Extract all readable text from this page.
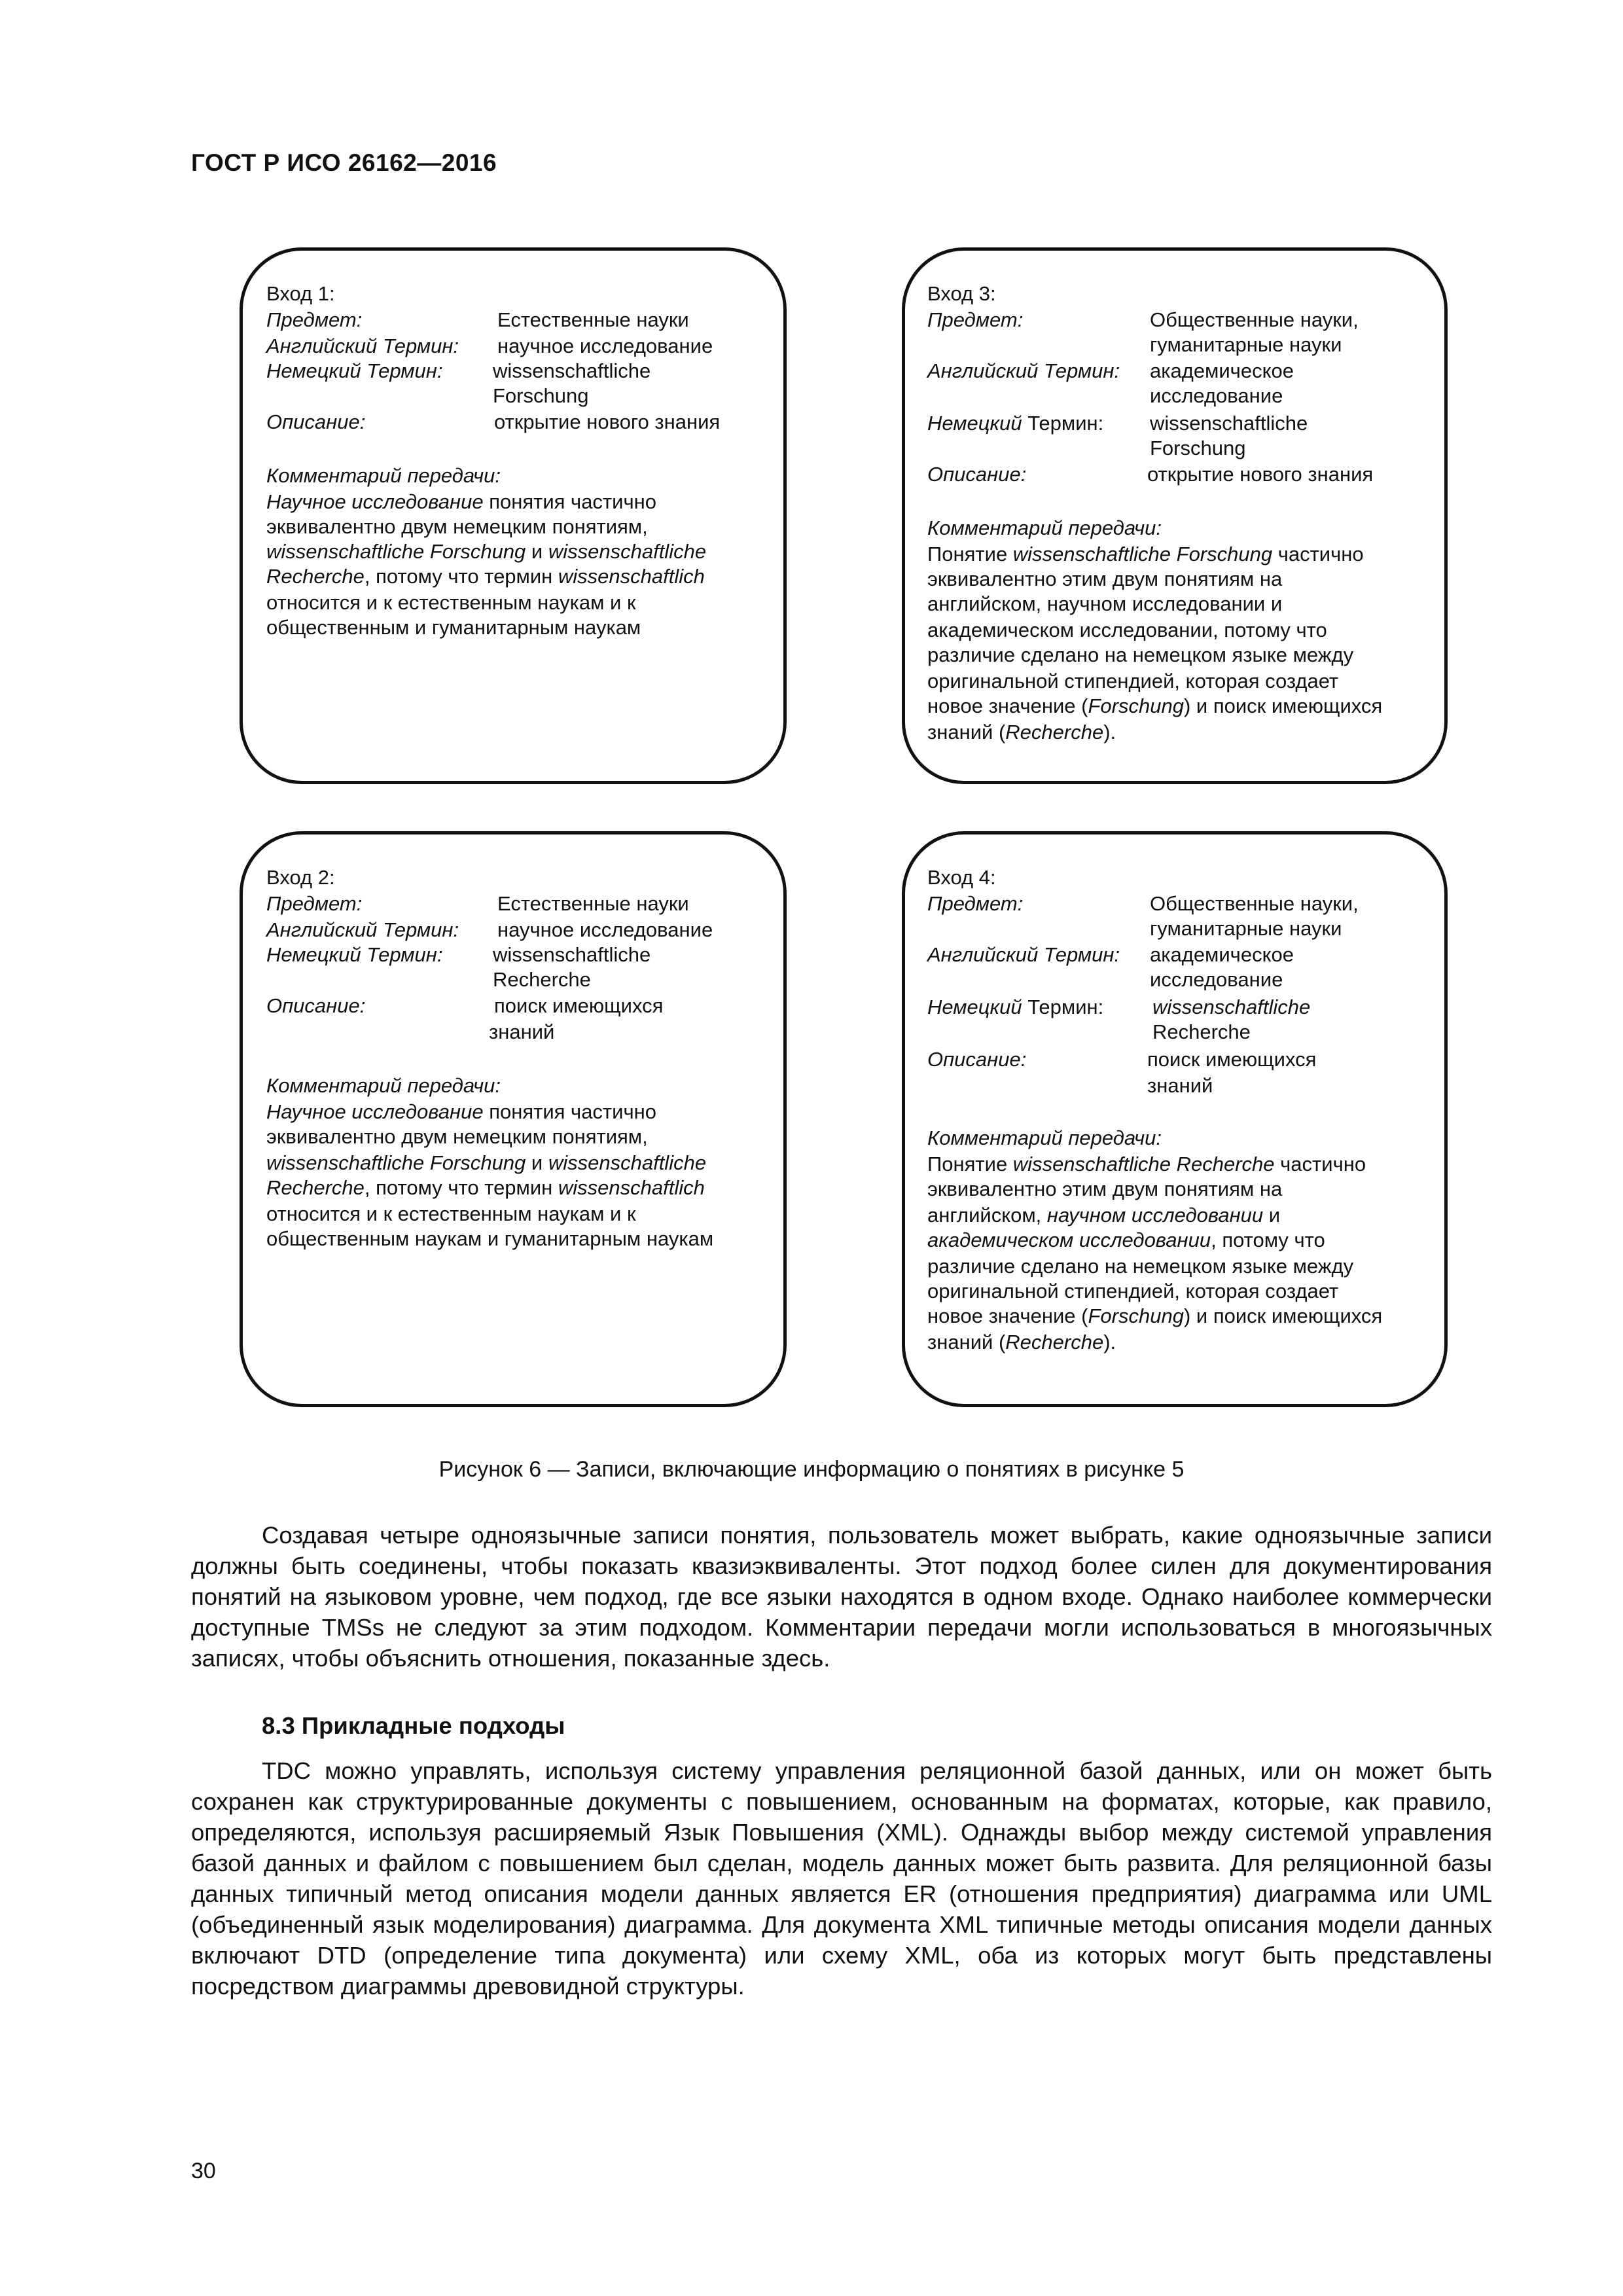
ГОСТ Р ИСО 26162—2016
Вход 1:
Предмет:	Естественные науки
Английский Термин: научное исследование
Немецкий Термин: wissenschaftliche
Forschung
Описание:	открытие нового знания
Комментарий передачи:
Научное исследование понятия частично
эквивалентно двум немецким понятиям,
wissenschaftliche Forschung и wissenschaftliche
Recherche, потому что термин wissenschaftlich
относится и к естественным наукам и к
общественным и гуманитарным наукам
Вход 3:
Предмет:	Общественные науки,
гуманитарные науки
Английский Термин: академическое
исследование
Немецкий Термин: wissenschaftliche
Forschung
Описание:	открытие нового знания
Комментарий передачи:
Понятие wissenschaftliche Forschung частично
эквивалентно этим двум понятиям на
английском, научном исследовании и
академическом исследовании, потому что
различие сделано на немецком языке между
оригинальной стипендией, которая создает
новое значение (Forschung) и поиск имеющихся
знаний (Recherche).
Вход 2:
Предмет:	Естественные науки
Английский Термин: научное исследование
Немецкий Термин: wissenschaftliche
Recherche
Описание:	поиск имеющихся
знаний
Комментарий передачи:
Научное исследование понятия частично
эквивалентно двум немецким понятиям,
wissenschaftliche Forschung и wissenschaftliche
Recherche, потому что термин wissenschaftlich
относится и к естественным наукам и к
общественным наукам и гуманитарным наукам
Вход 4:
Предмет:	Общественные науки,
гуманитарные науки
Английский Термин: академическое
исследование
Немецкий Термин: wissenschaftliche
Recherche
Описание:	поиск имеющихся
знаний
Комментарий передачи:
Понятие wissenschaftliche Recherche частично
эквивалентно этим двум понятиям на
английском, научном исследовании и
академическом исследовании, потому что
различие сделано на немецком языке между
оригинальной стипендией, которая создает
новое значение (Forschung) и поиск имеющихся
знаний (Recherche).
Рисунок 6 — Записи, включающие информацию о понятиях в рисунке 5

Создавая четыре одноязычные записи понятия, пользователь может выбрать, какие одноязычные записи должны быть соединены, чтобы показать квазиэквиваленты. Этот подход более силен для документирования понятий на языковом уровне, чем подход, где все языки находятся в одном входе. Однако наиболее коммерчески доступные TMSs не следуют за этим подходом. Комментарии передачи могли использоваться в многоязычных записях, чтобы объяснить отношения, показанные здесь.

8.3 Прикладные подходы

TDC можно управлять, используя систему управления реляционной базой данных, или он может быть сохранен как структурированные документы с повышением, основанным на форматах, которые, как правило, определяются, используя расширяемый Язык Повышения (XML). Однажды выбор между системой управления базой данных и файлом с повышением был сделан, модель данных может быть развита. Для реляционной базы данных типичный метод описания модели данных является ER (отношения предприятия) диаграмма или UML (объединенный язык моделирования) диаграмма. Для документа XML типичные методы описания модели данных включают DTD (определение типа документа) или схему XML, оба из которых могут быть представлены посредством диаграммы древовидной структуры.

30
